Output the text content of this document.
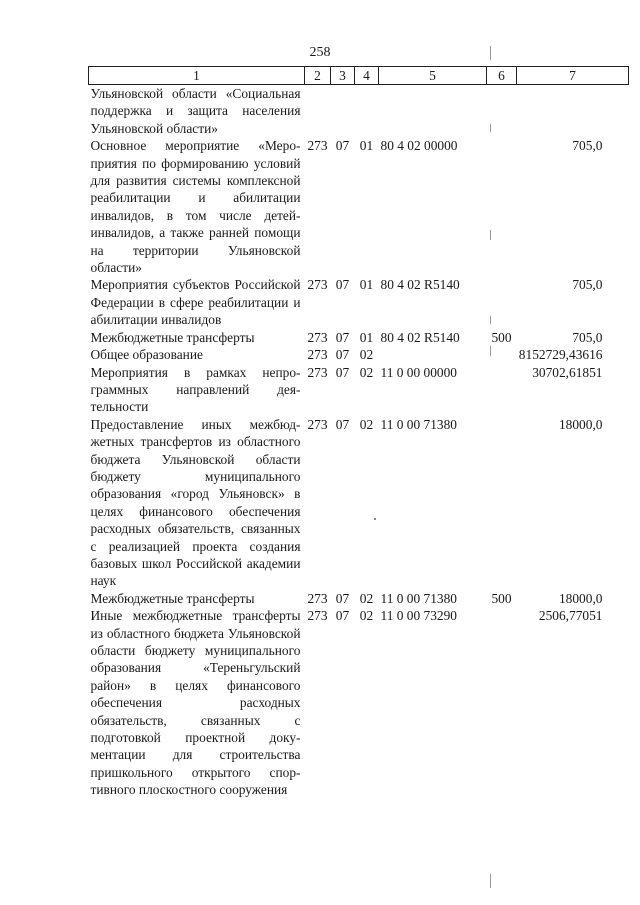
258
1	2	3	4	5	6	7
Ульяновской области «Социальная поддержка и защита населения Ульяновской области»						
Основное мероприятие «Мероприятия по формированию условий для развития системы комплексной реабилитации и абилитации инвалидов, в том числе детей-инвалидов, а также ранней помощи на территории Ульяновской области»	273	07	01	80 4 02 00000		705,0
Мероприятия субъектов Российской Федерации в сфере реабилитации и абилитации инвалидов	273	07	01	80 4 02 R5140		705,0
Межбюджетные трансферты	273	07	01	80 4 02 R5140	500	705,0
Общее образование	273	07	02			8152729,43616
Мероприятия в рамках непрограммных направлений деятельности	273	07	02	11 0 00 00000		30702,61851
Предоставление иных межбюджетных трансфертов из областного бюджета Ульяновской области бюджету муниципального образования «город Ульяновск» в целях финансового обеспечения расходных обязательств, связанных с реализацией проекта создания базовых школ Российской академии наук	273	07	02	11 0 00 71380		18000,0
Межбюджетные трансферты	273	07	02	11 0 00 71380	500	18000,0
Иные межбюджетные трансферты из областного бюджета Ульяновской области бюджету муниципального образования «Тереньгульский район» в целях финансового обеспечения расходных обязательств, связанных с подготовкой проектной документации для строительства пришкольного открытого спортивного плоскостного сооружения	273	07	02	11 0 00 73290		2506,77051
